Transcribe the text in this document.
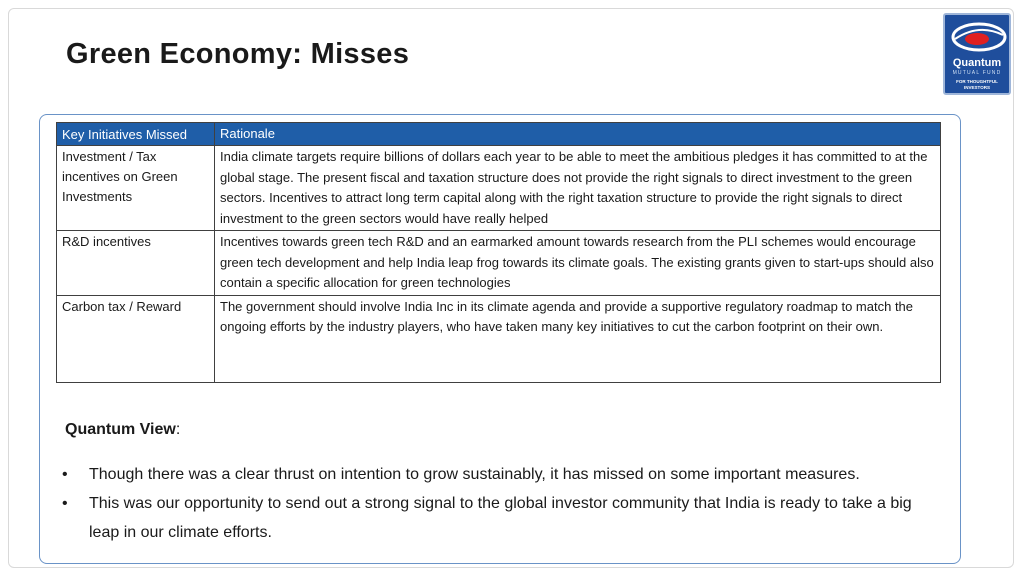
Green Economy: Misses	Quantum
MUTUAL FUND
FOR THOUGHTFUL INVESTORS
Key Initiatives Missed	Rationale
Investment / Tax incentives on Green Investments	India climate targets require billions of dollars each year to be able to meet the ambitious pledges it has committed to at the global stage. The present fiscal and taxation structure does not provide the right signals to direct investment to the green sectors. Incentives to attract long term capital along with the right taxation structure to provide the right signals to direct investment to the green sectors would have really helped
R&D incentives	Incentives towards green tech R&D and an earmarked amount towards research from the PLI schemes would encourage green tech development and help India leap frog towards its climate goals. The existing grants given to start-ups should also contain a specific allocation for green technologies
Carbon tax / Reward	The government should involve India Inc in its climate agenda and provide a supportive regulatory roadmap to match the ongoing efforts by the industry players, who have taken many key initiatives to cut the carbon footprint on their own.

Quantum View:

• Though there was a clear thrust on intention to grow sustainably, it has missed on some important measures.
• This was our opportunity to send out a strong signal to the global investor community that India is ready to take a big leap in our climate efforts.
